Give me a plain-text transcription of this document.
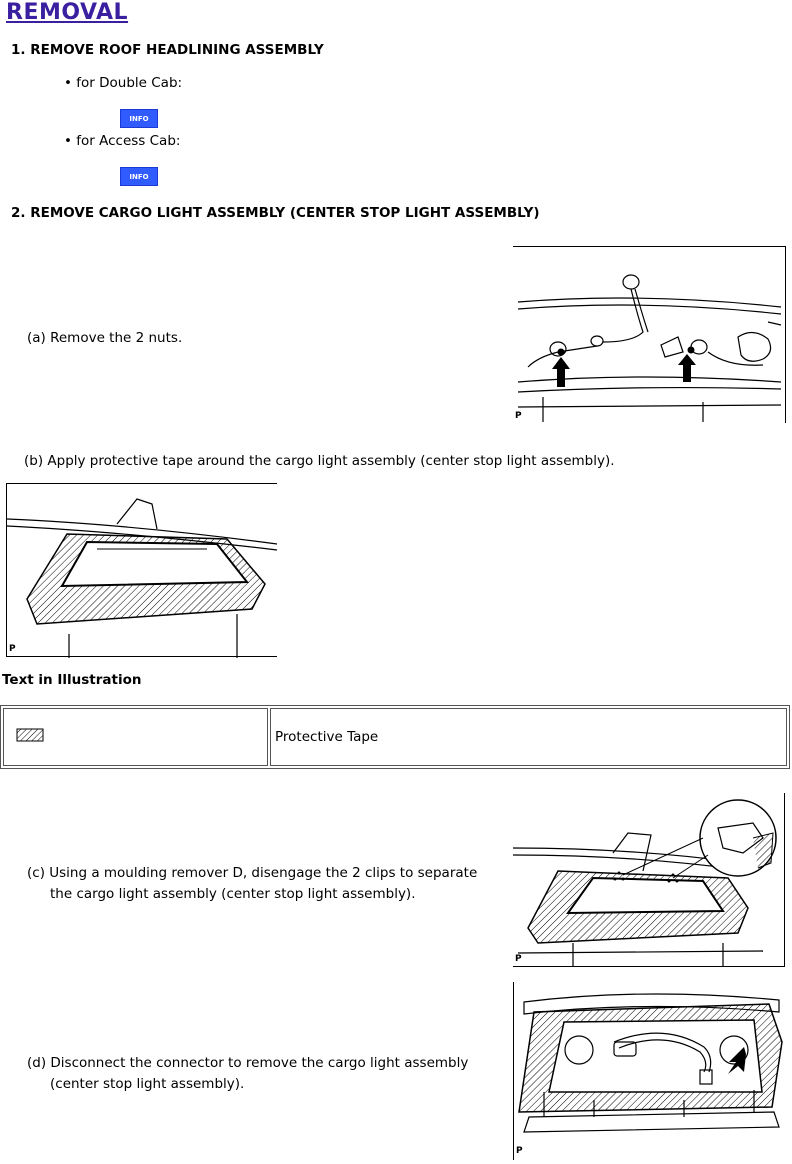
REMOVAL
1. REMOVE ROOF HEADLINING ASSEMBLY
• for Double Cab:
INFO
• for Access Cab:
INFO
2. REMOVE CARGO LIGHT ASSEMBLY (CENTER STOP LIGHT ASSEMBLY)
(a) Remove the 2 nuts.
P
(b) Apply protective tape around the cargo light assembly (center stop light assembly).
P
Text in Illustration
	Protective Tape
(c) Using a moulding remover D, disengage the 2 clips to separate
the cargo light assembly (center stop light assembly).
P
(d) Disconnect the connector to remove the cargo light assembly
(center stop light assembly).
P
